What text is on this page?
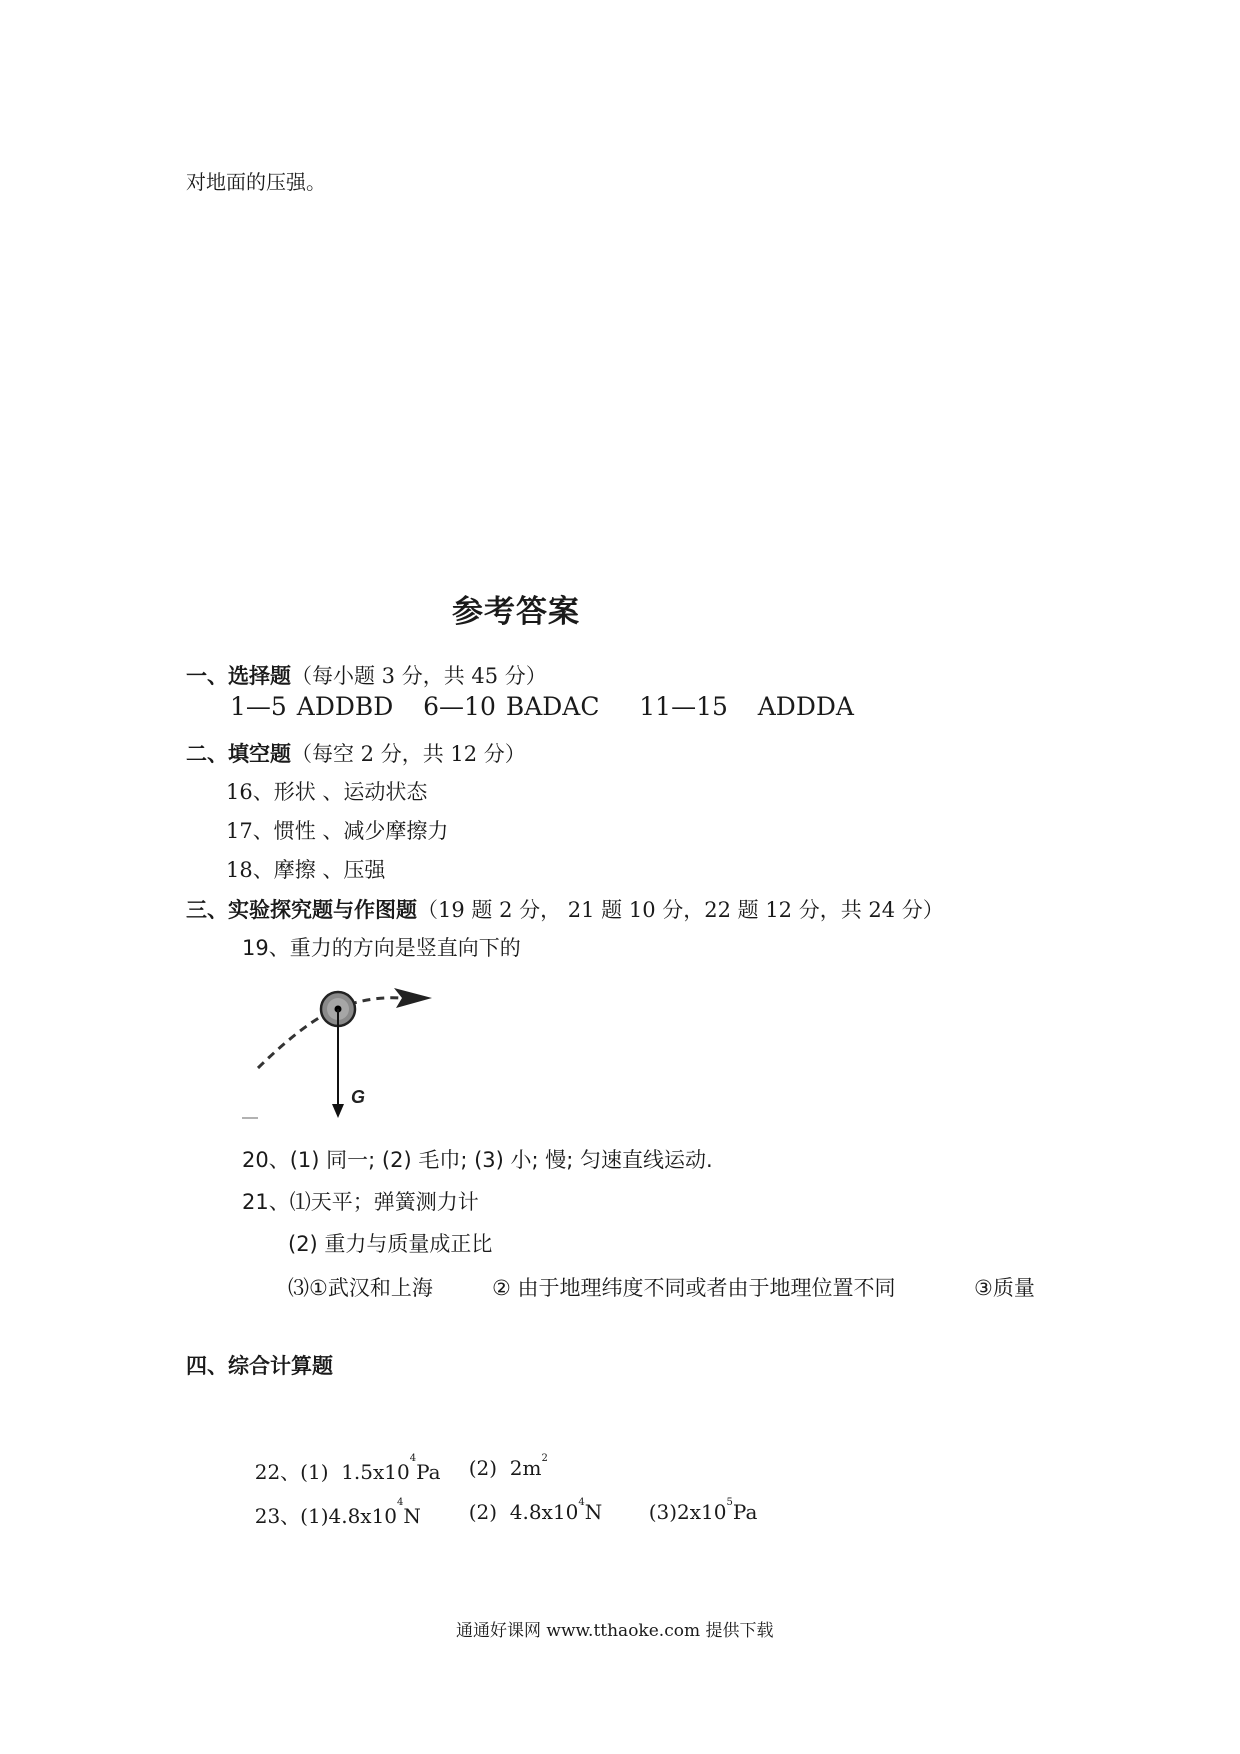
对地面的压强。
参考答案
一、选择题（每小题 3 分，共 45 分）
1—5 ADDBD   6—10 BADAC    11—15   ADDDA
二、填空题（每空 2 分，共 12 分）
16、形状 、运动状态
17、惯性 、减少摩擦力
18、摩擦 、压强
三、实验探究题与作图题（19 题 2 分， 21 题 10 分，22 题 12 分，共 24 分）
19、重力的方向是竖直向下的
G
20、(1) 同一; (2) 毛巾; (3) 小; 慢; 匀速直线运动.
21、⑴天平；弹簧测力计
(2) 重力与质量成正比
⑶①武汉和上海	② 由于地理纬度不同或者由于地理位置不同	③质量
四、综合计算题

22、(1)  $1.5x10^4Pa$	(2)  $2m^2$

23、$(1)4.8x10^4N$	(2)  $4.8x10^4N$	$(3)2x10^5Pa$

通通好课网 www.tthaoke.com 提供下载
